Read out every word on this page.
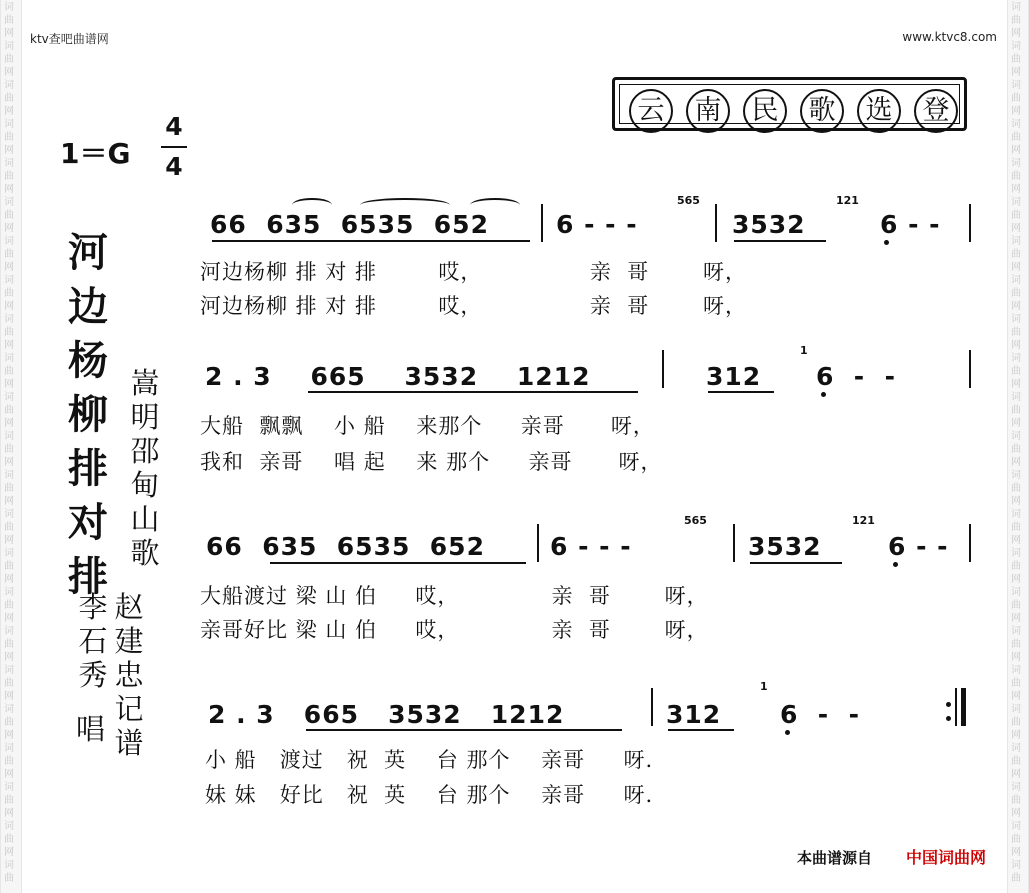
词
曲
网
词
曲
网
词
曲
网
词
曲
网
词
曲
网
词
曲
网
词
曲
网
词
曲
网
词
曲
网
词
曲
网
词
曲
网
词
曲
网
词
曲
网
词
曲
网
词
曲
网
词
曲
网
词
曲
网
词
曲
网
词
曲
网
词
曲
网
词
曲
网
词
曲
网
词
曲
词
曲
网
词
曲
网
词
曲
网
词
曲
网
词
曲
网
词
曲
网
词
曲
网
词
曲
网
词
曲
网
词
曲
网
词
曲
网
词
曲
网
词
曲
网
词
曲
网
词
曲
网
词
曲
网
词
曲
网
词
曲
网
词
曲
网
词
曲
网
词
曲
网
词
曲
网
词
曲
ktv查吧曲谱网	www.ktvc8.com
云	南	民	歌	选	登
1＝G
4
4
河
边
杨
柳
排
对
排
嵩
明
邵
甸
山
歌
赵
建
忠
记
谱
李
石
秀
唱
66  635  6535  652	6 - - -
565
3532
121
6 - -
河边杨柳 排 对 排        哎，              亲  哥       呀，
河边杨柳 排 对 排        哎，              亲  哥       呀，
2 . 3    665    3532    1212	312
1
6  -  -
大船  飘飘    小 船    来那个     亲哥      呀，
我和  亲哥    唱 起    来 那个     亲哥      呀，
66  635  6535  652	6 - - -
565
3532
121
6 - -
大船渡过 梁 山 伯     哎，            亲  哥       呀，
亲哥好比 梁 山 伯     哎，            亲  哥       呀，
2 . 3   665   3532   1212	312
1
6  -  -
小 船   渡过   祝  英    台 那个    亲哥     呀.
妹 妹   好比   祝  英    台 那个    亲哥     呀.
本曲谱源自 中国词曲网
